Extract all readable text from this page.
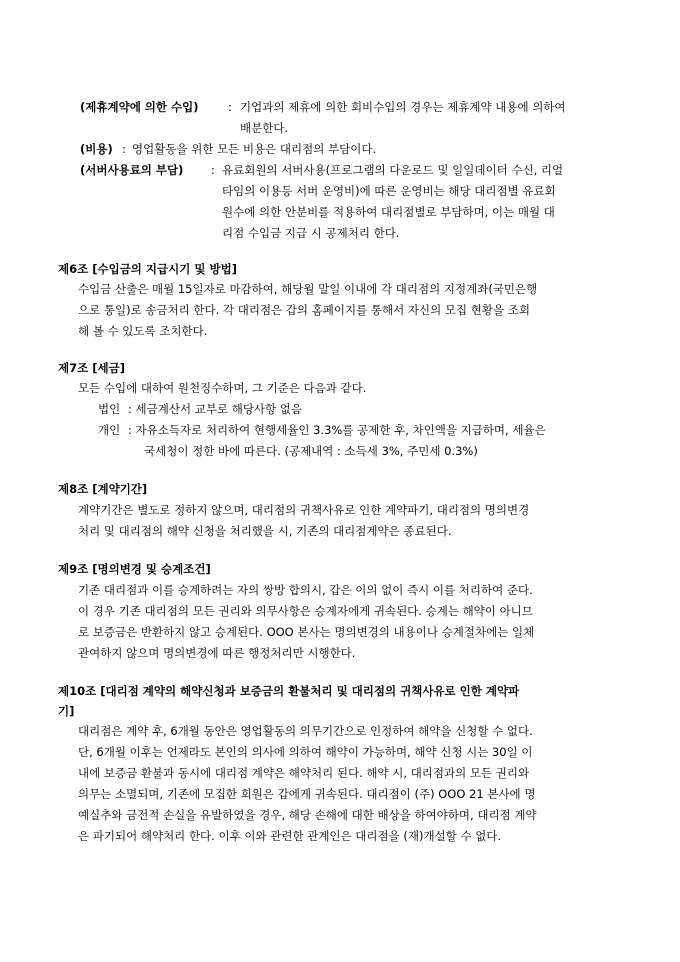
(제휴계약에 의한 수입)	: 기업과의 제휴에 의한 회비수입의 경우는 제휴계약 내용에 의하여
배분한다.
(비용) : 영업활동을 위한 모든 비용은 대리점의 부담이다.
(서버사용료의 부담) : 유료회원의 서버사용(프로그램의 다운로드 및 일일데이터 수신, 리얼
타임의 이용등 서버 운영비)에 따른 운영비는 해당 대리점별 유료회
원수에 의한 안분비를 적용하여 대리점별로 부담하며, 이는 매월 대
리점 수입금 지급 시 공제처리 한다.
제6조 [수입금의 지급시기 및 방법]
수입금 산출은 매월 15일자로 마감하여, 해당월 말일 이내에 각 대리점의 지정계좌(국민은행
으로 통일)로 송금처리 한다. 각 대리점은 갑의 홈페이지를 통해서 자신의 모집 현황을 조회
해 볼 수 있도록 조치한다.
제7조 [세금]
모든 수입에 대하여 원천징수하며, 그 기준은 다음과 같다.
법인 : 세금계산서 교부로 해당사항 없음
개인 : 자유소득자로 처리하여 현행세율인 3.3%를 공제한 후, 차인액을 지급하며, 세율은
국세청이 정한 바에 따른다. (공제내역 : 소득세 3%, 주민세 0.3%)
제8조 [계약기간]
계약기간은 별도로 정하지 않으며, 대리점의 귀책사유로 인한 계약파기, 대리점의 명의변경
처리 및 대리점의 해약 신청을 처리했을 시, 기존의 대리점계약은 종료된다.
제9조 [명의변경 및 승계조건]
기존 대리점과 이를 승계하려는 자의 쌍방 합의시, 갑은 이의 없이 즉시 이를 처리하여 준다.
이 경우 기존 대리점의 모든 권리와 의무사항은 승계자에게 귀속된다. 승계는 해약이 아니므
로 보증금은 반환하지 않고 승계된다. OOO 본사는 명의변경의 내용이나 승계절차에는 일체
관여하지 않으며 명의변경에 따른 행정처리만 시행한다.
제10조 [대리점 계약의 해약신청과 보증금의 환불처리 및 대리점의 귀책사유로 인한 계약파
기]
대리점은 계약 후, 6개월 동안은 영업활동의 의무기간으로 인정하여 해약을 신청할 수 없다.
단, 6개월 이후는 언제라도 본인의 의사에 의하여 해약이 가능하며, 해약 신청 시는 30일 이
내에 보증금 환불과 동시에 대리점 계약은 해약처리 된다. 해약 시, 대리점과의 모든 권리와
의무는 소멸되며, 기존에 모집한 회원은 갑에게 귀속된다. 대리점이 (주) OOO 21 본사에 명
예실추와 금전적 손실을 유발하였을 경우, 해당 손해에 대한 배상을 하여야하며, 대리점 계약
은 파기되어 해약처리 한다. 이후 이와 관련한 관계인은 대리점을 (재)개설할 수 없다.
